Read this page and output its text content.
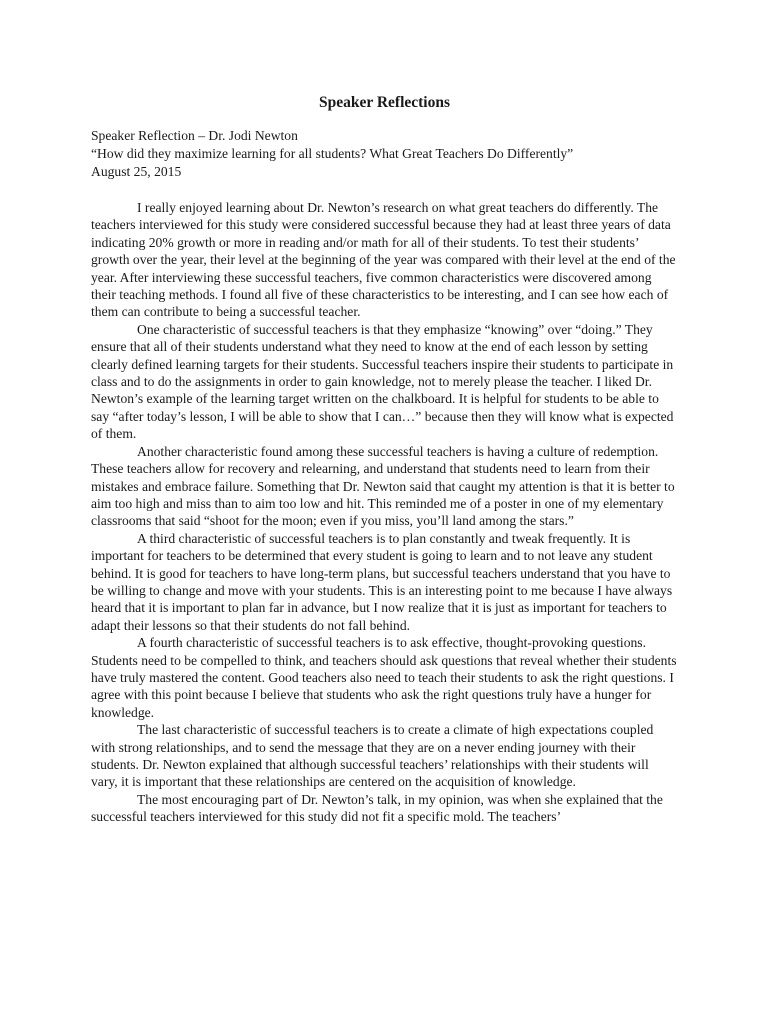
Speaker Reflections
Speaker Reflection – Dr. Jodi Newton
“How did they maximize learning for all students? What Great Teachers Do Differently”
August 25, 2015

I really enjoyed learning about Dr. Newton’s research on what great teachers do differently. The teachers interviewed for this study were considered successful because they had at least three years of data indicating 20% growth or more in reading and/or math for all of their students. To test their students’ growth over the year, their level at the beginning of the year was compared with their level at the end of the year. After interviewing these successful teachers, five common characteristics were discovered among their teaching methods. I found all five of these characteristics to be interesting, and I can see how each of them can contribute to being a successful teacher.

One characteristic of successful teachers is that they emphasize “knowing” over “doing.” They ensure that all of their students understand what they need to know at the end of each lesson by setting clearly defined learning targets for their students. Successful teachers inspire their students to participate in class and to do the assignments in order to gain knowledge, not to merely please the teacher. I liked Dr. Newton’s example of the learning target written on the chalkboard. It is helpful for students to be able to say “after today’s lesson, I will be able to show that I can…” because then they will know what is expected of them.

Another characteristic found among these successful teachers is having a culture of redemption. These teachers allow for recovery and relearning, and understand that students need to learn from their mistakes and embrace failure. Something that Dr. Newton said that caught my attention is that it is better to aim too high and miss than to aim too low and hit. This reminded me of a poster in one of my elementary classrooms that said “shoot for the moon; even if you miss, you’ll land among the stars.”

A third characteristic of successful teachers is to plan constantly and tweak frequently. It is important for teachers to be determined that every student is going to learn and to not leave any student behind. It is good for teachers to have long-term plans, but successful teachers understand that you have to be willing to change and move with your students. This is an interesting point to me because I have always heard that it is important to plan far in advance, but I now realize that it is just as important for teachers to adapt their lessons so that their students do not fall behind.

A fourth characteristic of successful teachers is to ask effective, thought-provoking questions. Students need to be compelled to think, and teachers should ask questions that reveal whether their students have truly mastered the content. Good teachers also need to teach their students to ask the right questions. I agree with this point because I believe that students who ask the right questions truly have a hunger for knowledge.

The last characteristic of successful teachers is to create a climate of high expectations coupled with strong relationships, and to send the message that they are on a never ending journey with their students. Dr. Newton explained that although successful teachers’ relationships with their students will vary, it is important that these relationships are centered on the acquisition of knowledge.

The most encouraging part of Dr. Newton’s talk, in my opinion, was when she explained that the successful teachers interviewed for this study did not fit a specific mold. The teachers’
